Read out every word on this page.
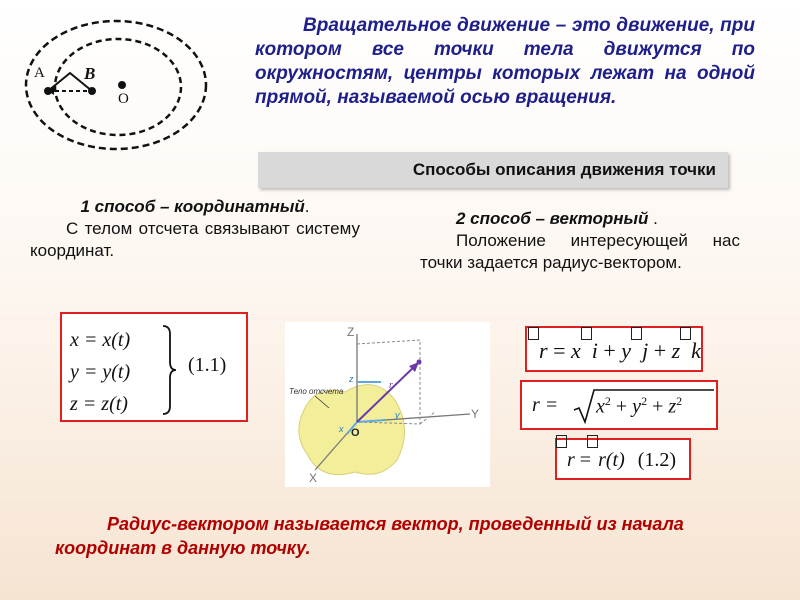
A B
O
Вращательное движение – это движение, при котором все точки тела движутся по окружностям, центры которых лежат на одной прямой, называемой осью вращения.
Способы описания движения точки
1 способ – координатный.
С телом отсчета связывают систему координат.
2 способ – векторный .
Положение интересующей нас точки задается радиус-вектором.
x = x(t)
y = y(t)
z = z(t)
(1.1)
Z
Y
X
Тело отсчета
O
r
z
x
y
r = x i + y j + z k
$r = x^2 + y^2 + z^2$
r = r(t) (1.2)
Радиус-вектором называется вектор, проведенный из начала координат в данную точку.
